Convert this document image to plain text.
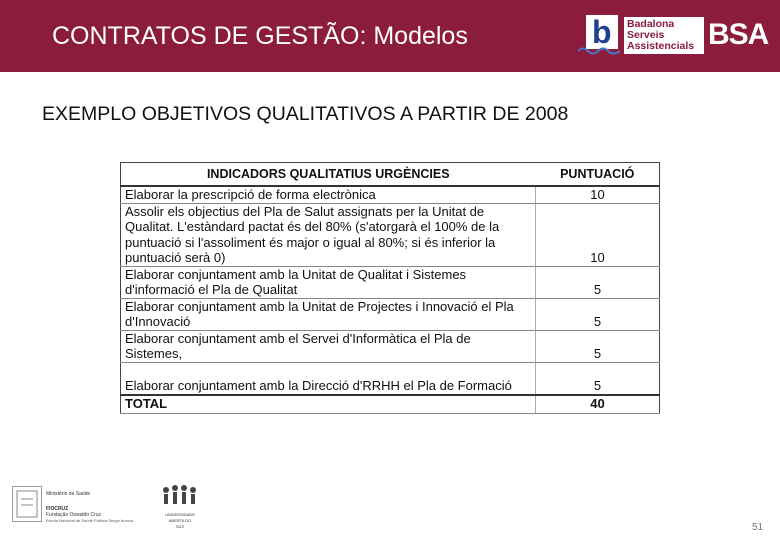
CONTRATOS DE GESTÃO: Modelos	b Badalona
Serveis
Assistencials BSA
EXEMPLO OBJETIVOS QUALITATIVOS A PARTIR DE 2008
INDICADORS QUALITATIUS URGÈNCIES	PUNTUACIÓ

Elaborar la prescripció de forma electrònica	10

Assolir els objectius del Pla de Salut assignats per la Unitat de
Qualitat. L'estàndard pactat és del 80% (s'atorgarà el 100% de la
puntuació si l'assoliment és major o igual al 80%; si és inferior la
puntuació serà 0)	10

Elaborar conjuntament amb la Unitat de Qualitat i Sistemes
d'informació el Pla de Qualitat	5

Elaborar conjuntament amb la Unitat de Projectes i Innovació el Pla
d'Innovació	5

Elaborar conjuntament amb el Servei d'Informàtica el Pla de
Sistemes,	5

Elaborar conjuntament amb la Direcció d'RRHH el Pla de Formació	5
TOTAL	40
Ministério da Saúde
FIOCRUZ
Fundação Oswaldo Cruz
Escola Nacional de Saúde Pública Sergio Arouca
UNIVERSIDADE
ABERTA DO
SUS	51
